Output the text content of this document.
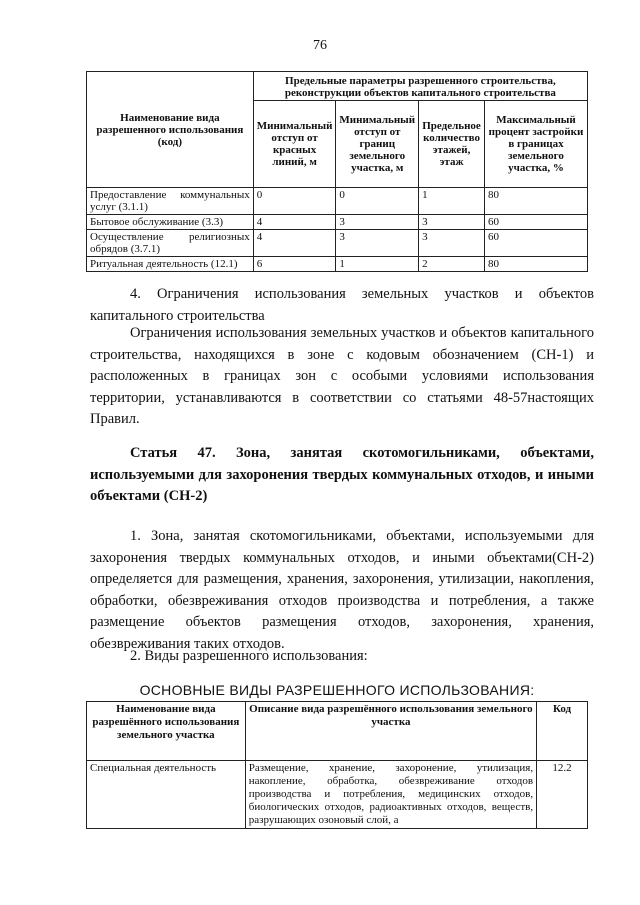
76
Наименование вида разрешенного использования (код)	Предельные параметры разрешенного строительства, реконструкции объектов капитального строительства			
	Минимальный отступ от красных линий, м	Минимальный отступ от границ земельного участка, м	Предельное количество этажей, этаж	Максимальный процент застройки в границах земельного участка, %
Предоставление коммунальных услуг (3.1.1)	0	0	1	80
Бытовое обслуживание (3.3)	4	3	3	60
Осуществление религиозных обрядов (3.7.1)	4	3	3	60
Ритуальная деятельность (12.1)	6	1	2	80

4. Ограничения использования земельных участков и объектов капитального строительства

Ограничения использования земельных участков и объектов капитального строительства, находящихся в зоне с кодовым обозначением (СН-1) и расположенных в границах зон с особыми условиями использования территории, устанавливаются в соответствии со статьями 48-57настоящих Правил.

Статья 47. Зона, занятая скотомогильниками, объектами,
используемыми для захоронения твердых коммунальных отходов, и иными объектами (СН-2)

1. Зона, занятая скотомогильниками, объектами, используемыми для захоронения твердых коммунальных отходов, и иными объектами(СН-2) определяется для размещения, хранения, захоронения, утилизации, накопления, обработки, обезвреживания отходов производства и потребления, а также размещение объектов размещения отходов, захоронения, хранения, обезвреживания таких отходов.

2. Виды разрешенного использования:

ОСНОВНЫЕ ВИДЫ РАЗРЕШЕННОГО ИСПОЛЬЗОВАНИЯ:
Наименование вида разрешённого использования земельного участка	Описание вида разрешённого использования земельного участка	Код
Специальная деятельность	Размещение, хранение, захоронение, утилизация, накопление, обработка, обезвреживание отходов производства и потребления, медицинских отходов, биологических отходов, радиоактивных отходов, веществ, разрушающих озоновый слой, а	12.2
